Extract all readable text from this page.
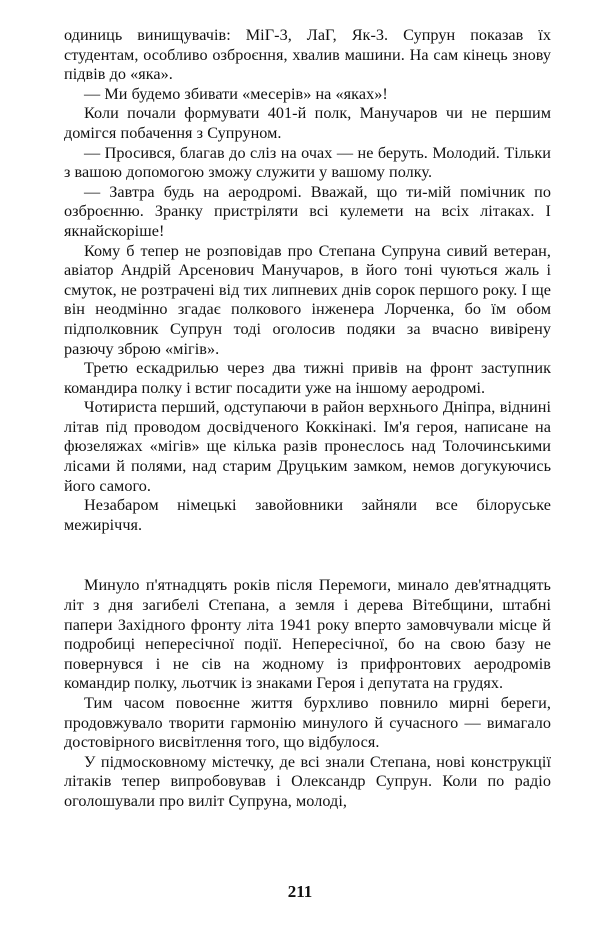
одиниць винищувачів: МіГ-3, ЛаГ, Як-3. Супрун показав їх студентам, особливо озброєння, хвалив машини. На сам кінець знову підвів до «яка».

— Ми будемо збивати «месерів» на «яках»!

Коли почали формувати 401-й полк, Манучаров чи не першим домігся побачення з Супруном.

— Просився, благав до сліз на очах — не беруть. Молодий. Тільки з вашою допомогою зможу служити у вашому полку.

— Завтра будь на аеродромі. Вважай, що ти-мій помічник по озброєнню. Зранку пристріляти всі кулемети на всіх літаках. І якнайскоріше!

Кому б тепер не розповідав про Степана Супруна сивий ветеран, авіатор Андрій Арсенович Манучаров, в його тоні чуються жаль і смуток, не розтрачені від тих липневих днів сорок першого року. І ще він неодмінно згадає полкового інженера Лорченка, бо їм обом підполковник Супрун тоді оголосив подяки за вчасно вивірену разючу зброю «мігів».

Третю ескадрилью через два тижні привів на фронт заступник командира полку і встиг посадити уже на іншому аеродромі.

Чотириста перший, одступаючи в район верхнього Дніпра, віднині літав під проводом досвідченого Коккінакі. Ім'я героя, написане на фюзеляжах «мігів» ще кілька разів пронеслось над Толочинськими лісами й полями, над старим Друцьким замком, немов догукуючись його самого.

Незабаром німецькі завойовники зайняли все білоруське межиріччя.

Минуло п'ятнадцять років після Перемоги, минало дев'ятнадцять літ з дня загибелі Степана, а земля і дерева Вітебщини, штабні папери Західного фронту літа 1941 року вперто замовчували місце й подробиці непересічної події. Непересічної, бо на свою базу не повернувся і не сів на жодному із прифронтових аеродромів командир полку, льотчик із знаками Героя і депутата на грудях.

Тим часом повоєнне життя бурхливо повнило мирні береги, продовжувало творити гармонію минулого й сучасного — вимагало достовірного висвітлення того, що відбулося.

У підмосковному містечку, де всі знали Степана, нові конструкції літаків тепер випробовував і Олександр Супрун. Коли по радіо оголошували про виліт Супруна, молоді,

211
